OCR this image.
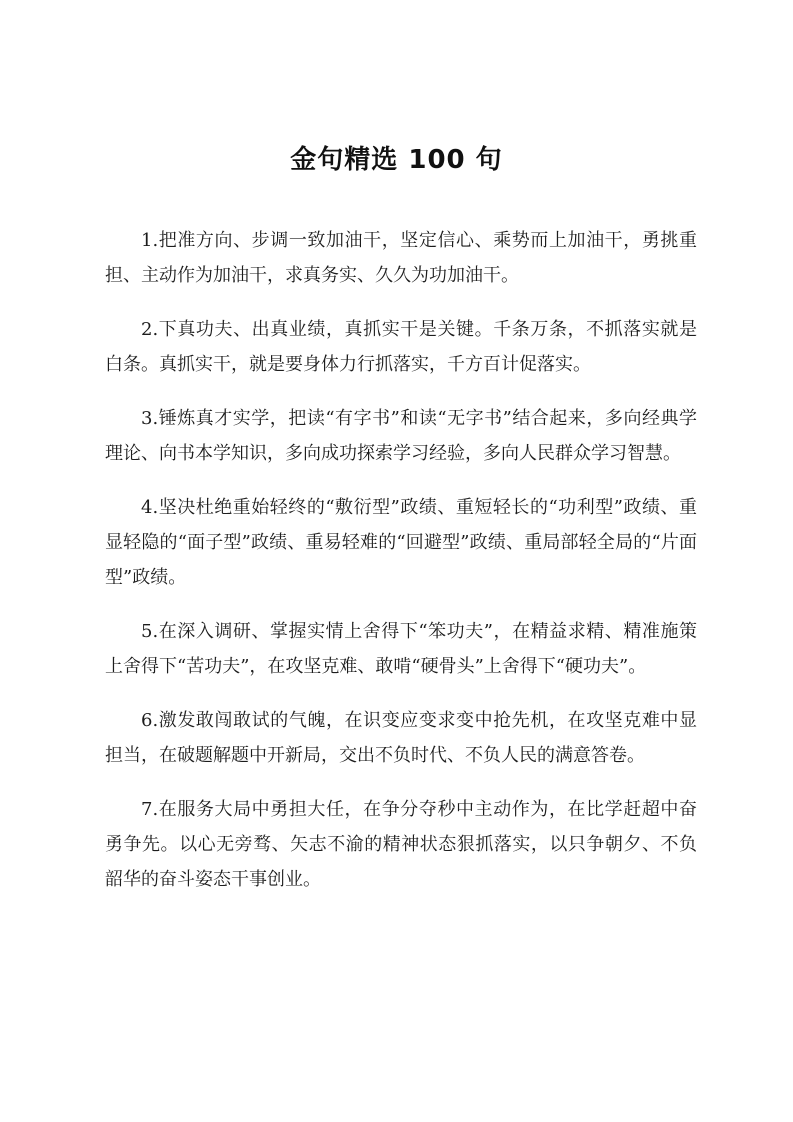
金句精选 100 句

1.把准方向、步调一致加油干，坚定信心、乘势而上加油干，勇挑重担、主动作为加油干，求真务实、久久为功加油干。

2.下真功夫、出真业绩，真抓实干是关键。千条万条，不抓落实就是白条。真抓实干，就是要身体力行抓落实，千方百计促落实。

3.锤炼真才实学，把读“有字书”和读“无字书”结合起来，多向经典学理论、向书本学知识，多向成功探索学习经验，多向人民群众学习智慧。

4.坚决杜绝重始轻终的“敷衍型”政绩、重短轻长的“功利型”政绩、重显轻隐的“面子型”政绩、重易轻难的“回避型”政绩、重局部轻全局的“片面型”政绩。

5.在深入调研、掌握实情上舍得下“笨功夫”，在精益求精、精准施策上舍得下“苦功夫”，在攻坚克难、敢啃“硬骨头”上舍得下“硬功夫”。

6.激发敢闯敢试的气魄，在识变应变求变中抢先机，在攻坚克难中显担当，在破题解题中开新局，交出不负时代、不负人民的满意答卷。

7.在服务大局中勇担大任，在争分夺秒中主动作为，在比学赶超中奋勇争先。以心无旁骛、矢志不渝的精神状态狠抓落实，以只争朝夕、不负韶华的奋斗姿态干事创业。
